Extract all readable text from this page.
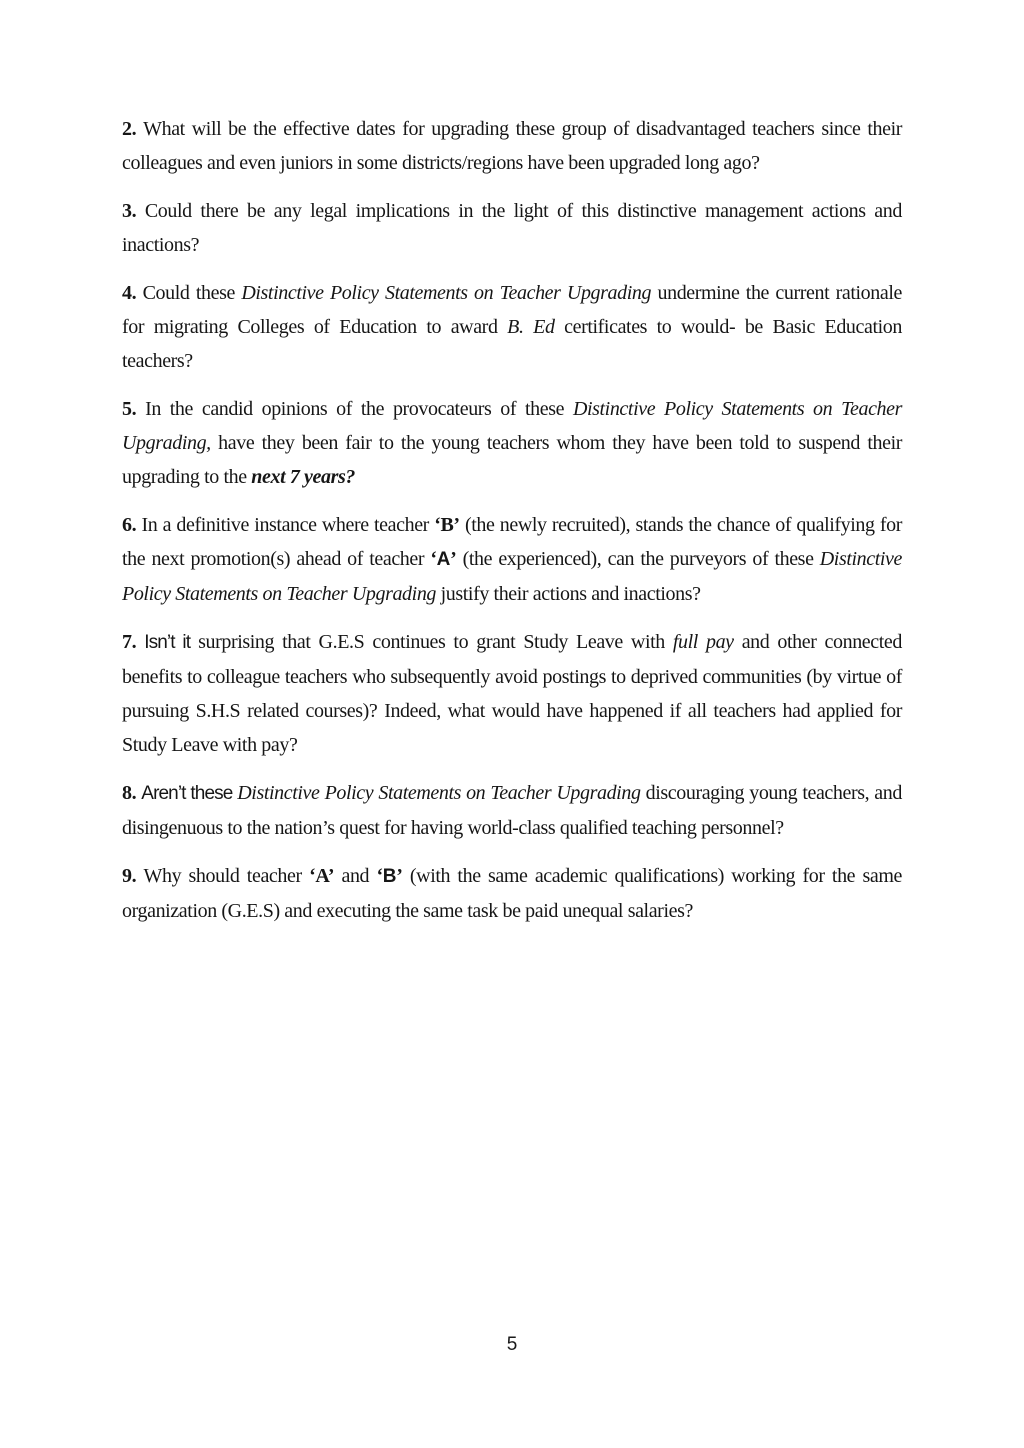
2. What will be the effective dates for upgrading these group of disadvantaged teachers since their colleagues and even juniors in some districts/regions have been upgraded long ago?

3. Could there be any legal implications in the light of this distinctive management actions and inactions?

4. Could these Distinctive Policy Statements on Teacher Upgrading undermine the current rationale for migrating Colleges of Education to award B. Ed certificates to would- be Basic Education teachers?

5. In the candid opinions of the provocateurs of these Distinctive Policy Statements on Teacher Upgrading, have they been fair to the young teachers whom they have been told to suspend their upgrading to the next 7 years?

6. In a definitive instance where teacher ‘B’ (the newly recruited), stands the chance of qualifying for the next promotion(s) ahead of teacher ‘A’ (the experienced), can the purveyors of these Distinctive Policy Statements on Teacher Upgrading justify their actions and inactions?

7. Isn’t it surprising that G.E.S continues to grant Study Leave with full pay and other connected benefits to colleague teachers who subsequently avoid postings to deprived communities (by virtue of pursuing S.H.S related courses)? Indeed, what would have happened if all teachers had applied for Study Leave with pay?

8. Aren’t these Distinctive Policy Statements on Teacher Upgrading discouraging young teachers, and disingenuous to the nation’s quest for having world-class qualified teaching personnel?

9. Why should teacher ‘A’ and ‘B’ (with the same academic qualifications) working for the same organization (G.E.S) and executing the same task be paid unequal salaries?

5
